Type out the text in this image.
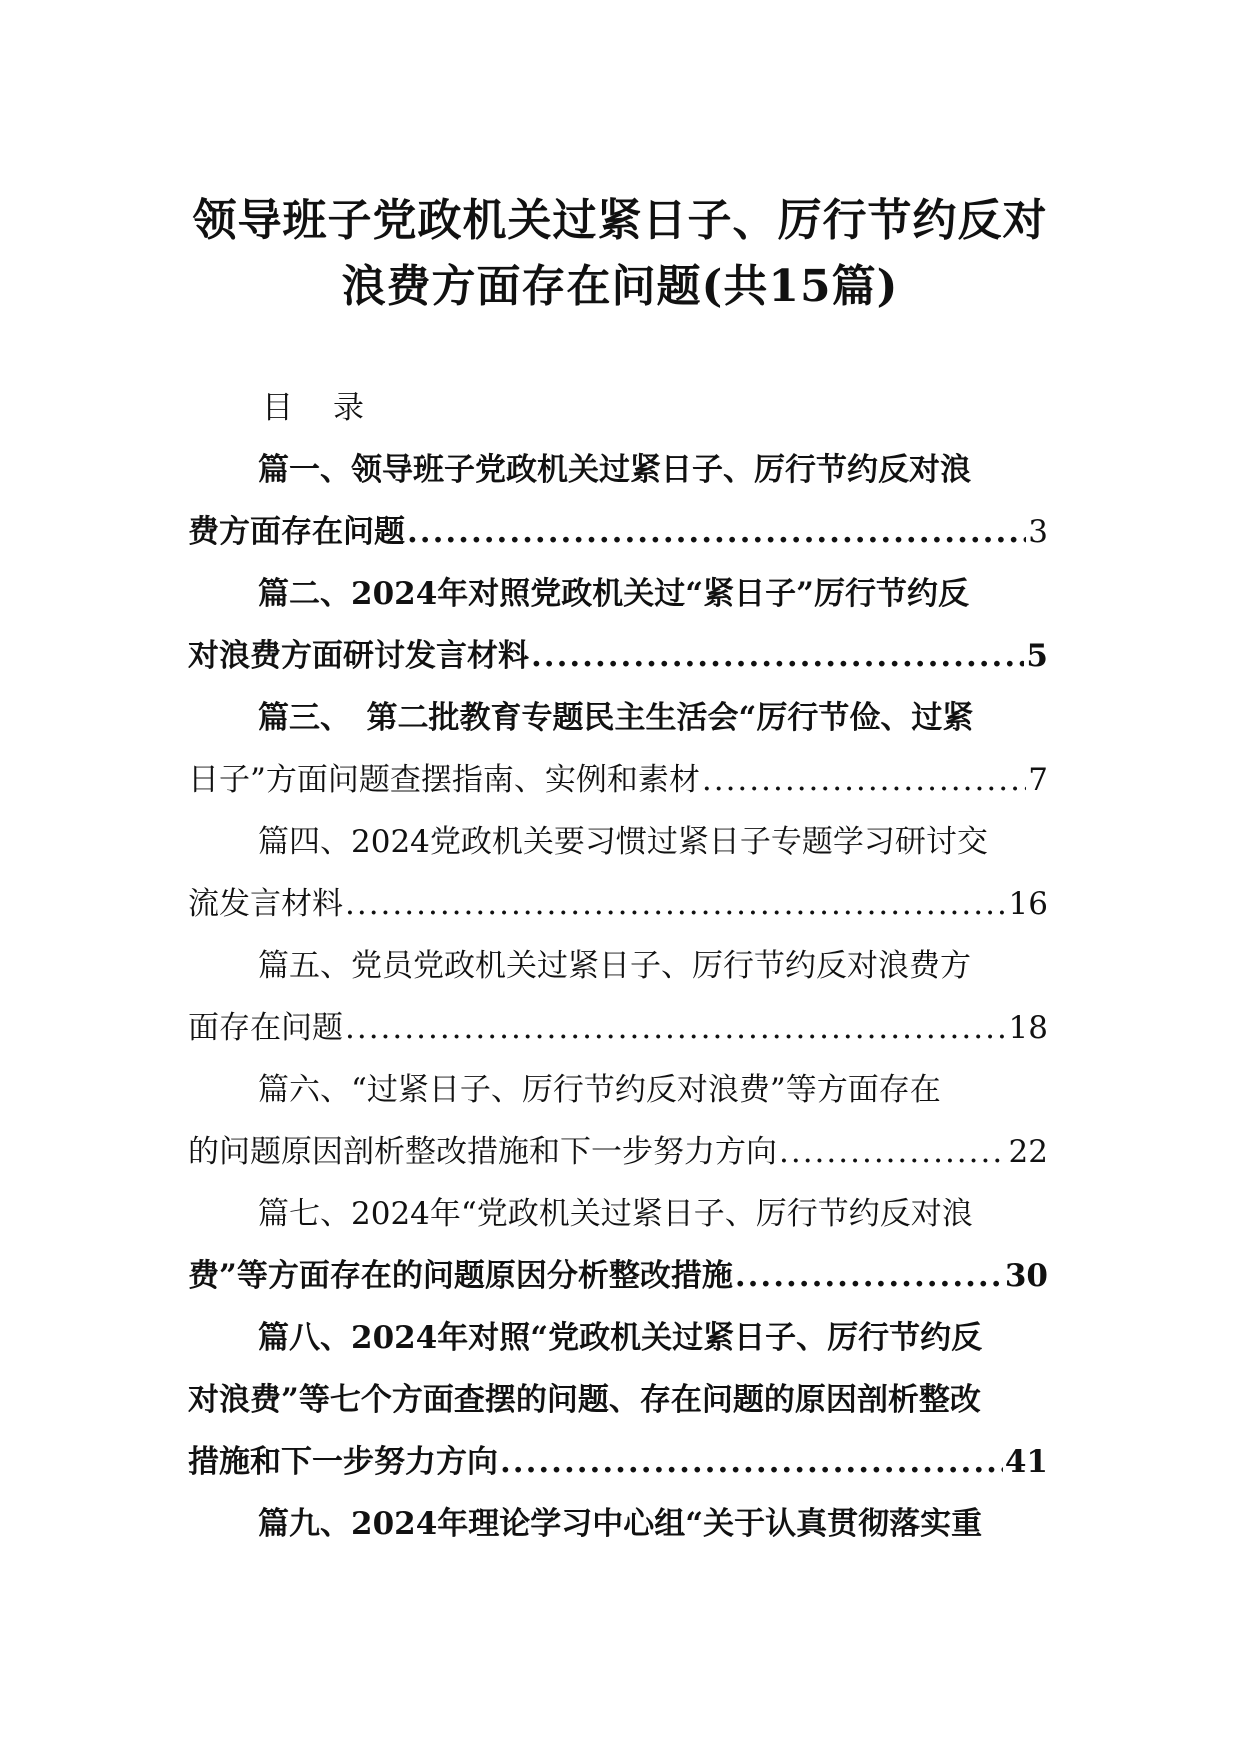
领导班子党政机关过紧日子、厉行节约反对
浪费方面存在问题(共15篇)
目 录
篇一、领导班子党政机关过紧日子、厉行节约反对浪
费方面存在问题 .....	3
篇二、2024年对照党政机关过“紧日子”厉行节约反
对浪费方面研讨发言材料 .....	5
篇三、　第二批教育专题民主生活会“厉行节俭、过紧
日子”方面问题查摆指南、实例和素材 .....	7
篇四、2024党政机关要习惯过紧日子专题学习研讨交
流发言材料 .....	16
篇五、党员党政机关过紧日子、厉行节约反对浪费方
面存在问题 .....	18
篇六、“过紧日子、厉行节约反对浪费”等方面存在
的问题原因剖析整改措施和下一步努力方向 .....	22
篇七、2024年“党政机关过紧日子、厉行节约反对浪
费”等方面存在的问题原因分析整改措施 .....	30
篇八、2024年对照“党政机关过紧日子、厉行节约反
对浪费”等七个方面查摆的问题、存在问题的原因剖析整改
措施和下一步努力方向 .....	41
篇九、2024年理论学习中心组“关于认真贯彻落实重
